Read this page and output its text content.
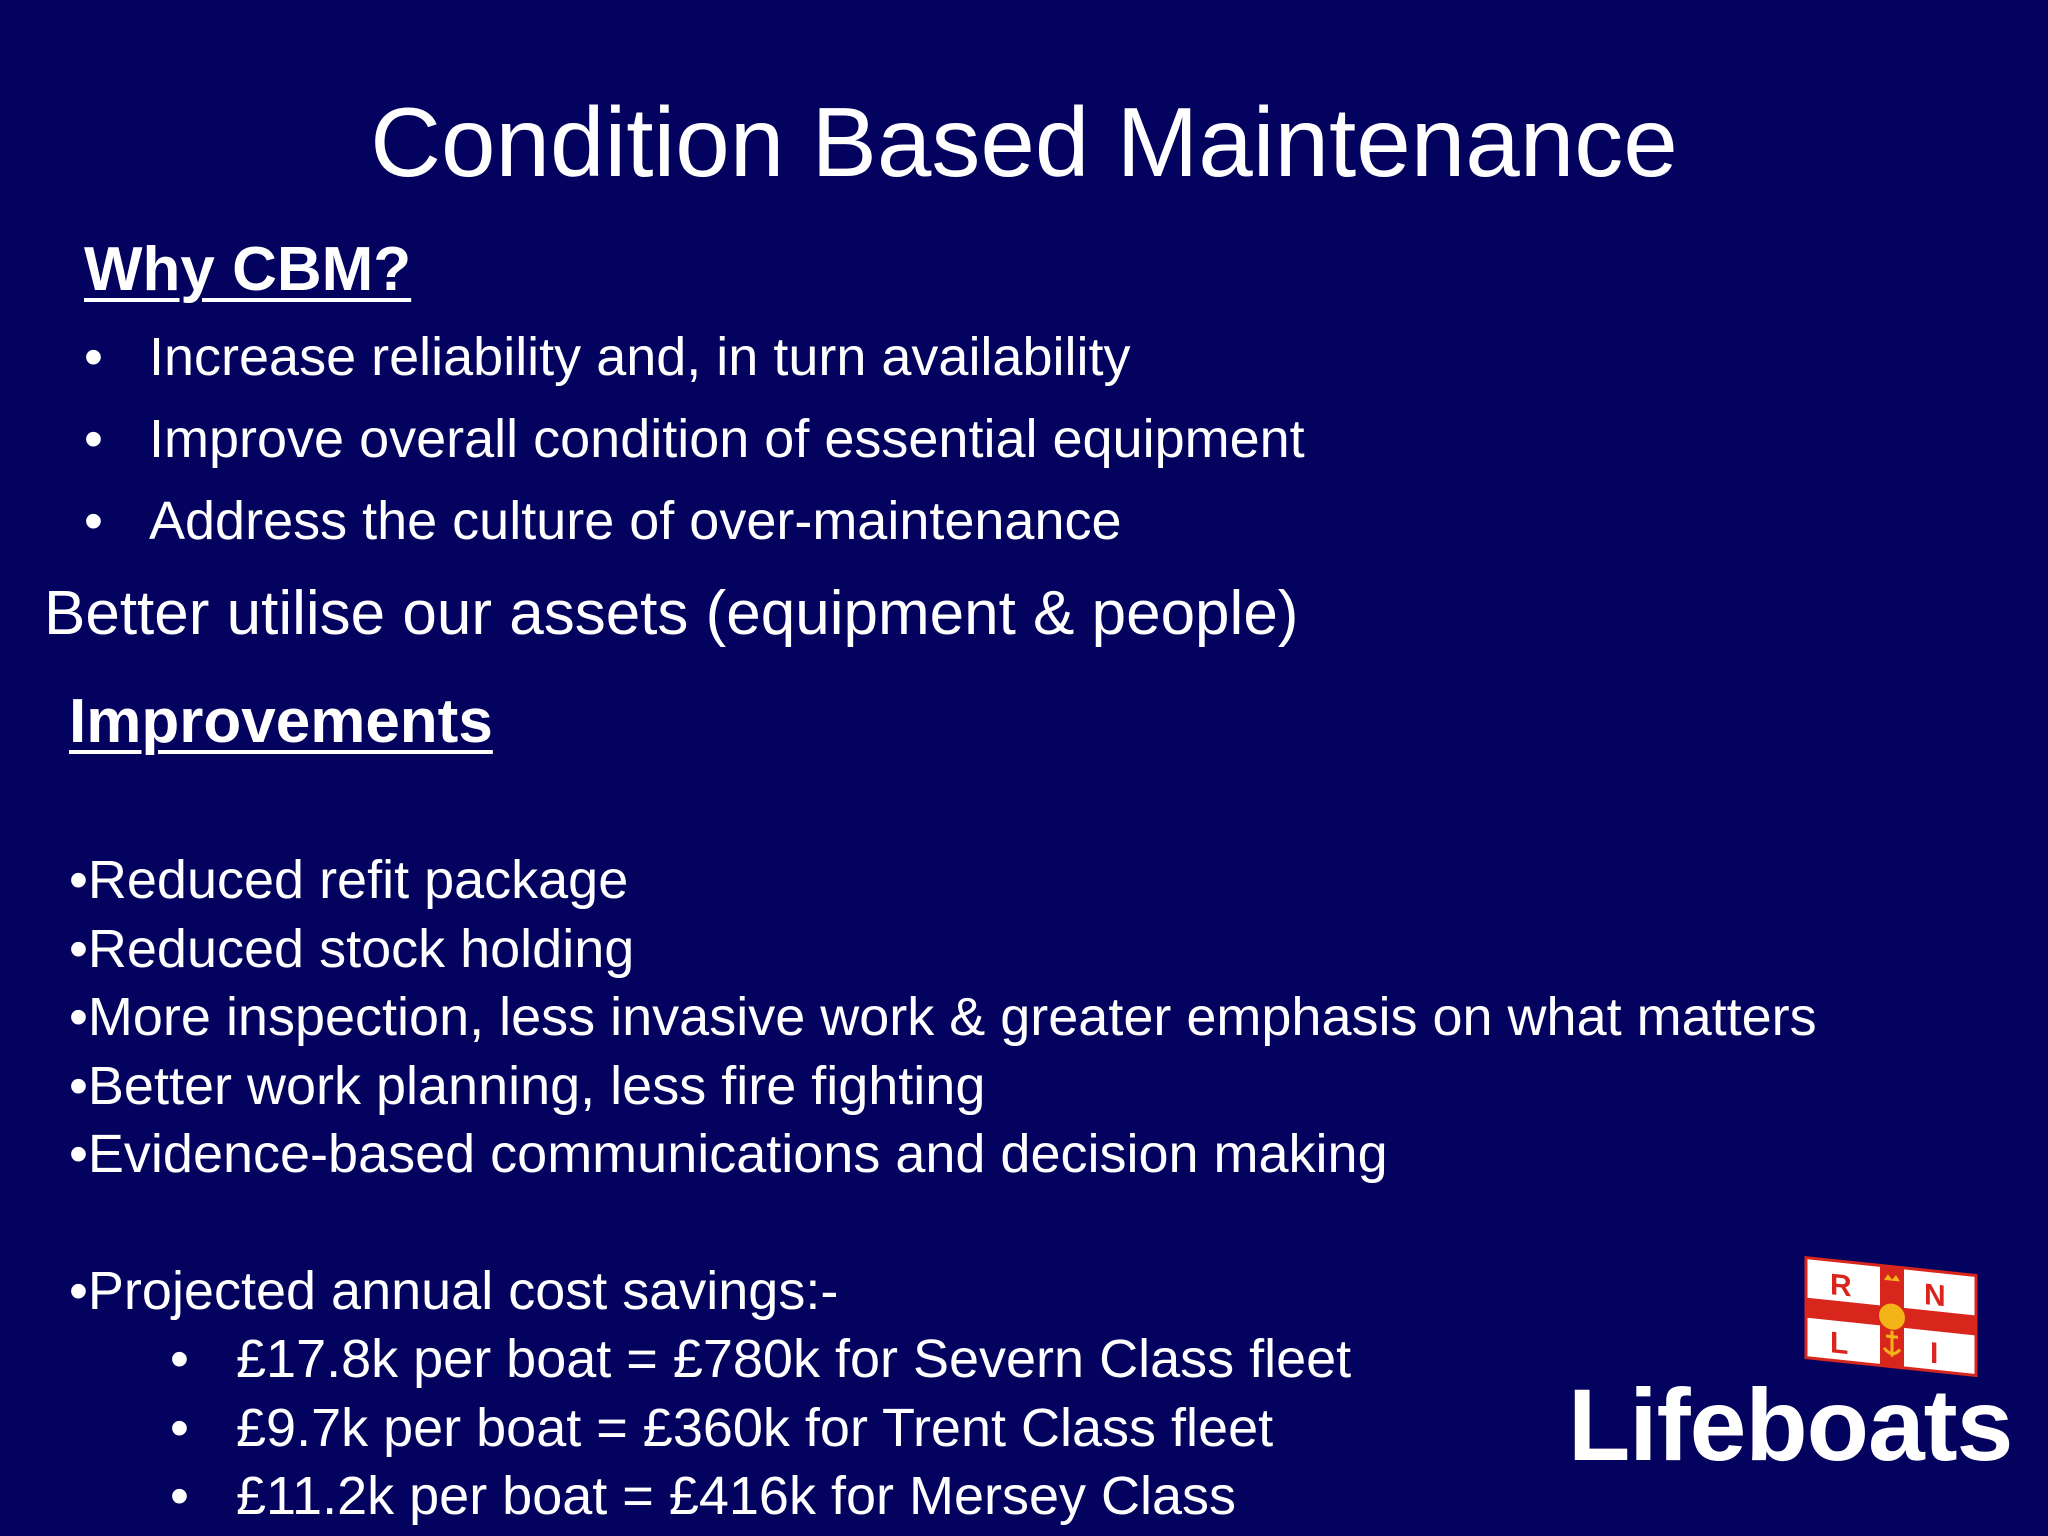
Condition Based Maintenance
Why CBM?
• Increase reliability and, in turn availability
• Improve overall condition of essential equipment
• Address the culture of over-maintenance
Better utilise our assets (equipment & people)
Improvements
•Reduced refit package
•Reduced stock holding
•More inspection, less invasive work & greater emphasis on what matters
•Better work planning, less fire fighting
•Evidence-based communications and decision making
•Projected annual cost savings:-
• £17.8k per boat = £780k for Severn Class fleet
• £9.7k per boat = £360k for Trent Class fleet
• £11.2k per boat = £416k for Mersey Class
R N
L	I
Lifeboats
